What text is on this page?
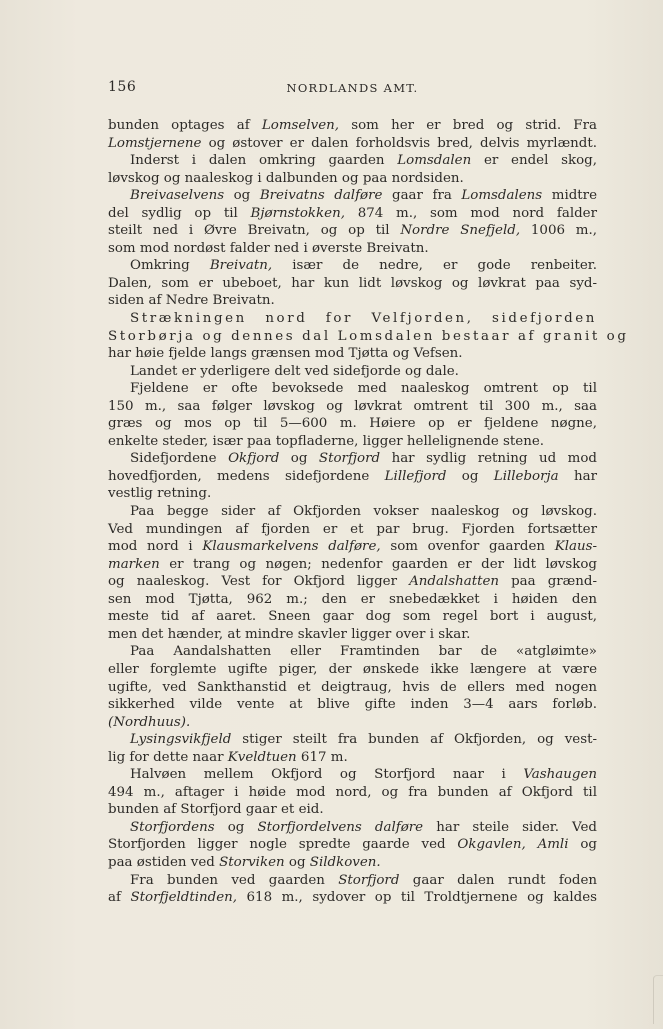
156	NORDLANDS AMT.
bunden optages af Lomselven, som her er bred og strid. Fra
Lomstjernene og østover er dalen forholdsvis bred, delvis myrlændt.
Inderst i dalen omkring gaarden Lomsdalen er endel skog,
løvskog og naaleskog i dalbunden og paa nordsiden.
Breivaselvens og Breivatns dalføre gaar fra Lomsdalens midtre
del sydlig op til Bjørnstokken, 874 m., som mod nord falder
steilt ned i Øvre Breivatn, og op til Nordre Snefjeld, 1006 m.,
som mod nordøst falder ned i øverste Breivatn.
Omkring Breivatn, især de nedre, er gode renbeiter.
Dalen, som er ubeboet, har kun lidt løvskog og løvkrat paa syd-
siden af Nedre Breivatn.
Strækningen nord for Velfjorden, sidefjorden
Storbørja og dennes dal Lomsdalen bestaar af granit og
har høie fjelde langs grænsen mod Tjøtta og Vefsen.
Landet er yderligere delt ved sidefjorde og dale.
Fjeldene er ofte bevoksede med naaleskog omtrent op til
150 m., saa følger løvskog og løvkrat omtrent til 300 m., saa
græs og mos op til 5—600 m. Høiere op er fjeldene nøgne,
enkelte steder, især paa topfladerne, ligger hellelignende stene.
Sidefjordene Okfjord og Storfjord har sydlig retning ud mod
hovedfjorden, medens sidefjordene Lillefjord og Lilleborja har
vestlig retning.
Paa begge sider af Okfjorden vokser naaleskog og løvskog.
Ved mundingen af fjorden er et par brug. Fjorden fortsætter
mod nord i Klausmarkelvens dalføre, som ovenfor gaarden Klaus-
marken er trang og nøgen; nedenfor gaarden er der lidt løvskog
og naaleskog. Vest for Okfjord ligger Andalshatten paa grænd-
sen mod Tjøtta, 962 m.; den er snebedækket i høiden den
meste tid af aaret. Sneen gaar dog som regel bort i august,
men det hænder, at mindre skavler ligger over i skar.
Paa Aandalshatten eller Framtinden bar de «atgløimte»
eller forglemte ugifte piger, der ønskede ikke længere at være
ugifte, ved Sankthanstid et deigtraug, hvis de ellers med nogen
sikkerhed vilde vente at blive gifte inden 3—4 aars forløb.
(Nordhuus).
Lysingsvikfjeld stiger steilt fra bunden af Okfjorden, og vest-
lig for dette naar Kveldtuen 617 m.
Halvøen mellem Okfjord og Storfjord naar i Vashaugen
494 m., aftager i høide mod nord, og fra bunden af Okfjord til
bunden af Storfjord gaar et eid.
Storfjordens og Storfjordelvens dalføre har steile sider. Ved
Storfjorden ligger nogle spredte gaarde ved Okgavlen, Amli og
paa østiden ved Storviken og Sildkoven.
Fra bunden ved gaarden Storfjord gaar dalen rundt foden
af Storfjeldtinden, 618 m., sydover op til Troldtjernene og kaldes
